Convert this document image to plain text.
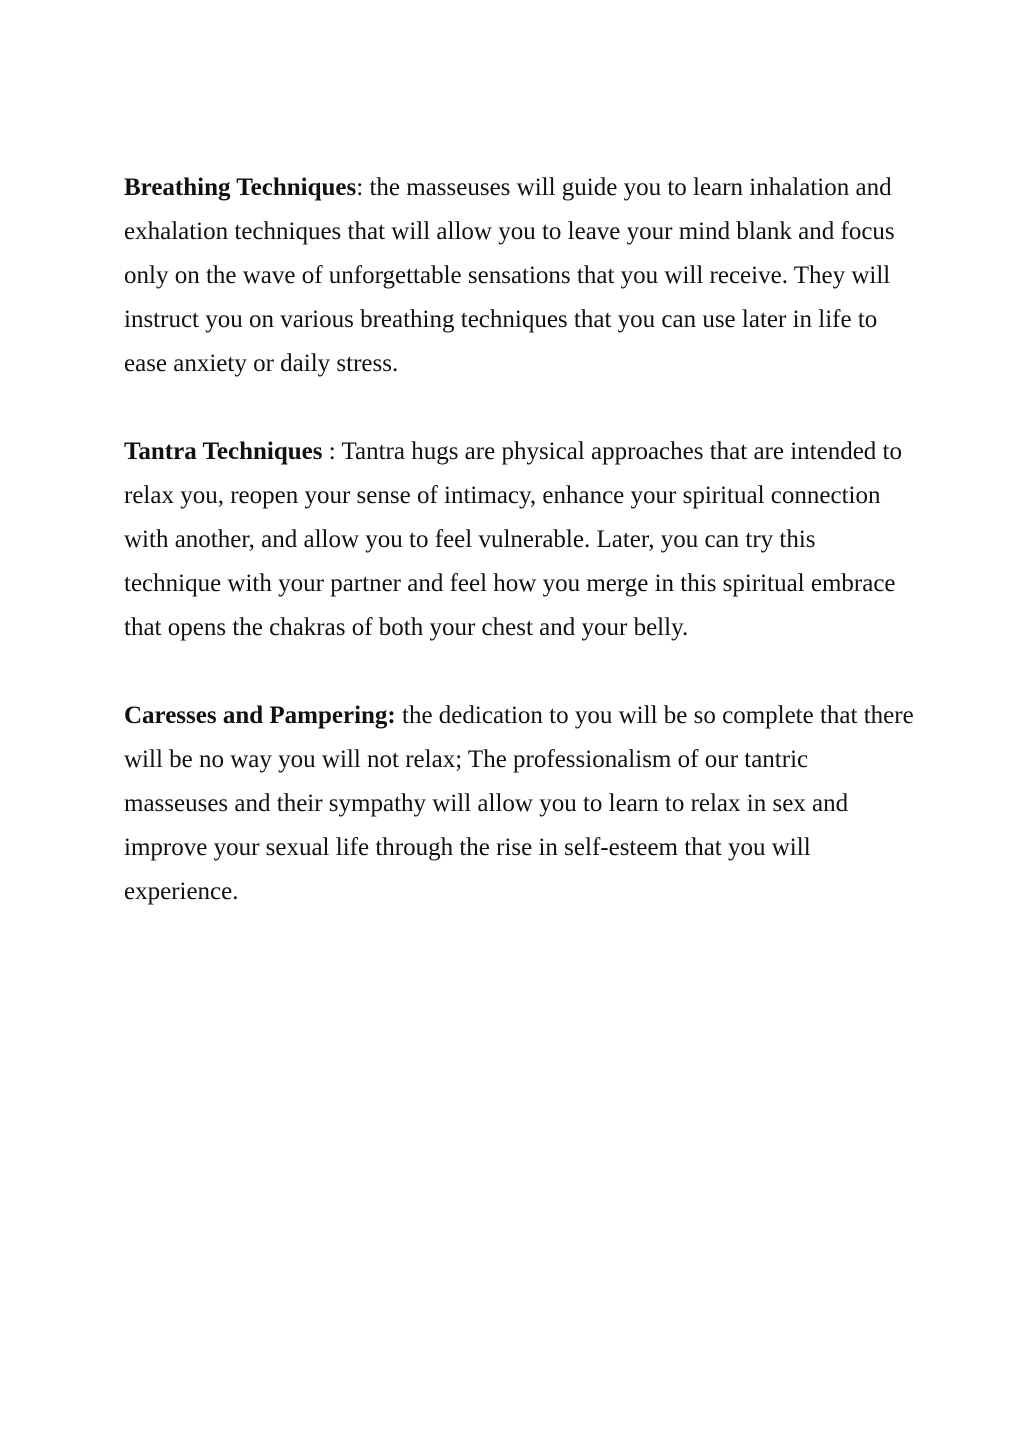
Breathing Techniques: the masseuses will guide you to learn inhalation and exhalation techniques that will allow you to leave your mind blank and focus only on the wave of unforgettable sensations that you will receive. They will instruct you on various breathing techniques that you can use later in life to ease anxiety or daily stress.

Tantra Techniques : Tantra hugs are physical approaches that are intended to relax you, reopen your sense of intimacy, enhance your spiritual connection with another, and allow you to feel vulnerable. Later, you can try this technique with your partner and feel how you merge in this spiritual embrace that opens the chakras of both your chest and your belly.

Caresses and Pampering: the dedication to you will be so complete that there will be no way you will not relax; The professionalism of our tantric masseuses and their sympathy will allow you to learn to relax in sex and improve your sexual life through the rise in self-esteem that you will experience.
